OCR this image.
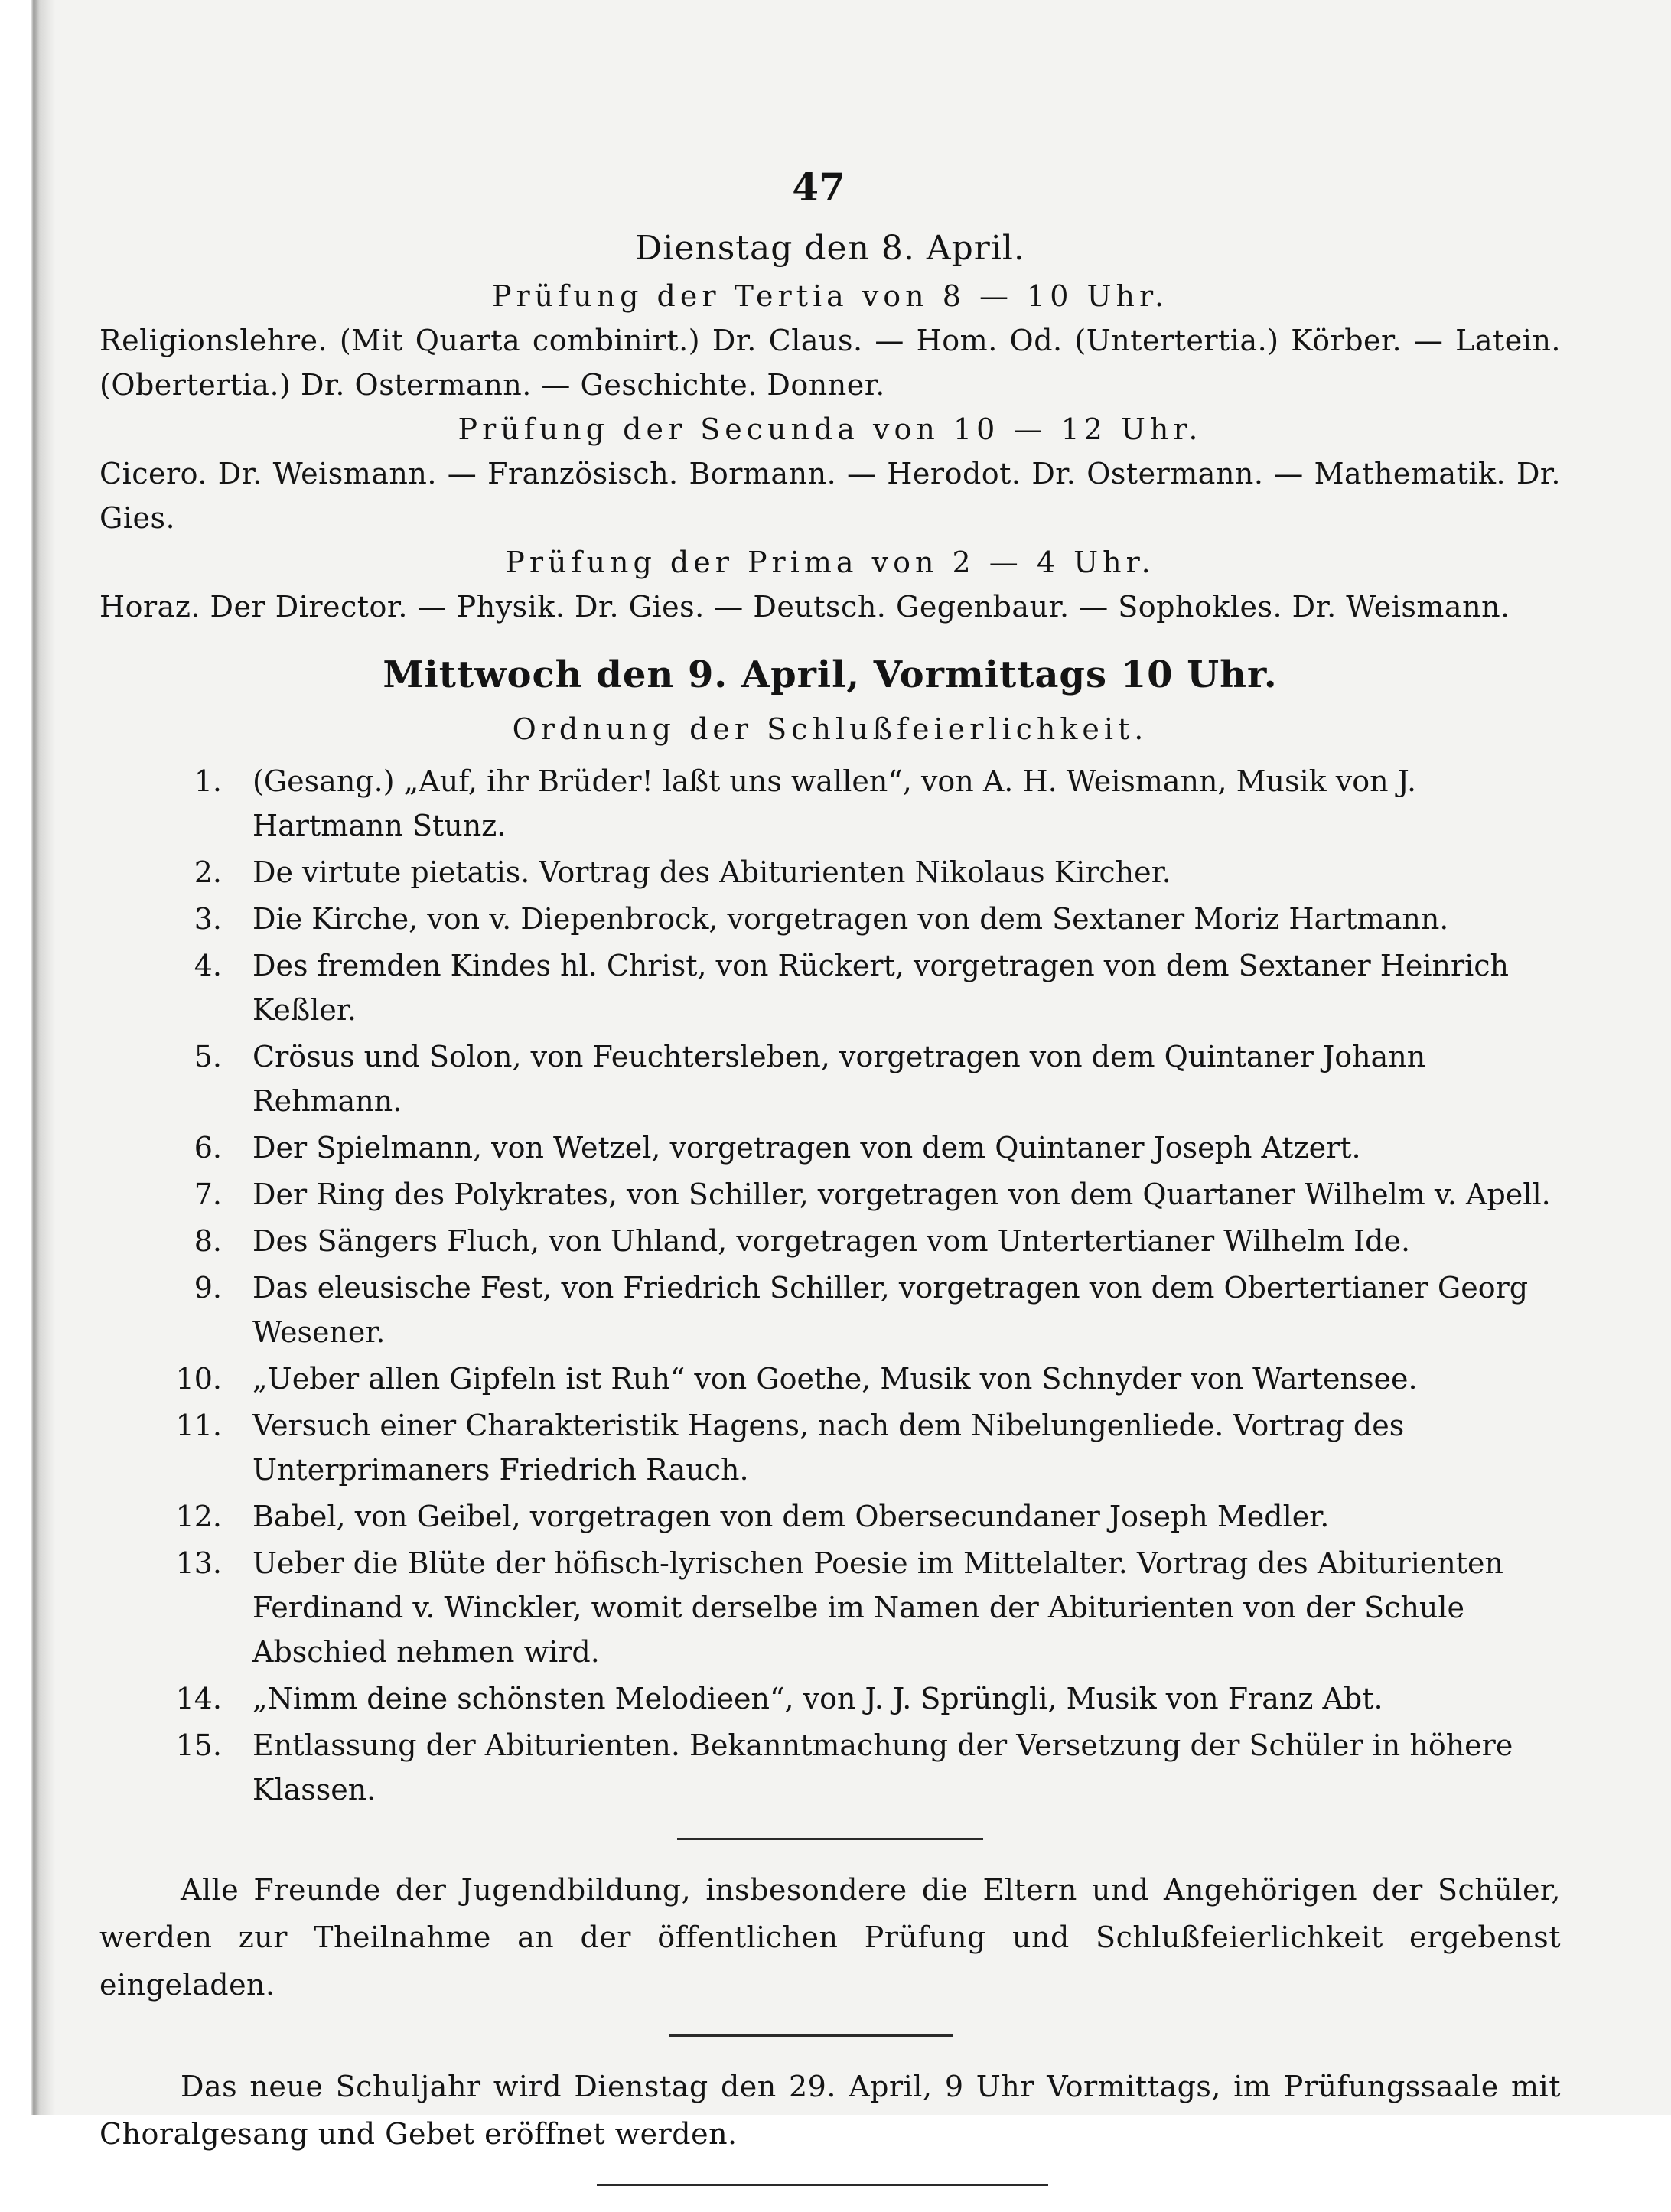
47
Dienstag den 8. April.
Prüfung der Tertia von 8 — 10 Uhr.
Religionslehre. (Mit Quarta combinirt.) Dr. Claus. — Hom. Od. (Untertertia.) Körber. — Latein. (Obertertia.) Dr. Ostermann. — Geschichte. Donner.
Prüfung der Secunda von 10 — 12 Uhr.
Cicero. Dr. Weismann. — Französisch. Bormann. — Herodot. Dr. Ostermann. — Mathematik. Dr. Gies.
Prüfung der Prima von 2 — 4 Uhr.
Horaz. Der Director. — Physik. Dr. Gies. — Deutsch. Gegenbaur. — Sophokles. Dr. Weismann.
Mittwoch den 9. April, Vormittags 10 Uhr.
Ordnung der Schlußfeierlichkeit.
1. (Gesang.) „Auf, ihr Brüder! laßt uns wallen“, von A. H. Weismann, Musik von J. Hartmann Stunz.
2. De virtute pietatis. Vortrag des Abiturienten Nikolaus Kircher.
3. Die Kirche, von v. Diepenbrock, vorgetragen von dem Sextaner Moriz Hartmann.
4. Des fremden Kindes hl. Christ, von Rückert, vorgetragen von dem Sextaner Heinrich Keßler.
5. Crösus und Solon, von Feuchtersleben, vorgetragen von dem Quintaner Johann Rehmann.
6. Der Spielmann, von Wetzel, vorgetragen von dem Quintaner Joseph Atzert.
7. Der Ring des Polykrates, von Schiller, vorgetragen von dem Quartaner Wilhelm v. Apell.
8. Des Sängers Fluch, von Uhland, vorgetragen vom Untertertianer Wilhelm Ide.
9. Das eleusische Fest, von Friedrich Schiller, vorgetragen von dem Obertertianer Georg Wesener.
10. „Ueber allen Gipfeln ist Ruh“ von Goethe, Musik von Schnyder von Wartensee.
11. Versuch einer Charakteristik Hagens, nach dem Nibelungenliede. Vortrag des Unterprimaners Friedrich Rauch.
12. Babel, von Geibel, vorgetragen von dem Obersecundaner Joseph Medler.
13. Ueber die Blüte der höfisch-lyrischen Poesie im Mittelalter. Vortrag des Abiturienten Ferdinand v. Winckler, womit derselbe im Namen der Abiturienten von der Schule Abschied nehmen wird.
14. „Nimm deine schönsten Melodieen“, von J. J. Sprüngli, Musik von Franz Abt.
15. Entlassung der Abiturienten. Bekanntmachung der Versetzung der Schüler in höhere Klassen.
Alle Freunde der Jugendbildung, insbesondere die Eltern und Angehörigen der Schüler, werden zur Theilnahme an der öffentlichen Prüfung und Schlußfeierlichkeit ergebenst eingeladen.
Das neue Schuljahr wird Dienstag den 29. April, 9 Uhr Vormittags, im Prüfungssaale mit Choralgesang und Gebet eröffnet werden.
